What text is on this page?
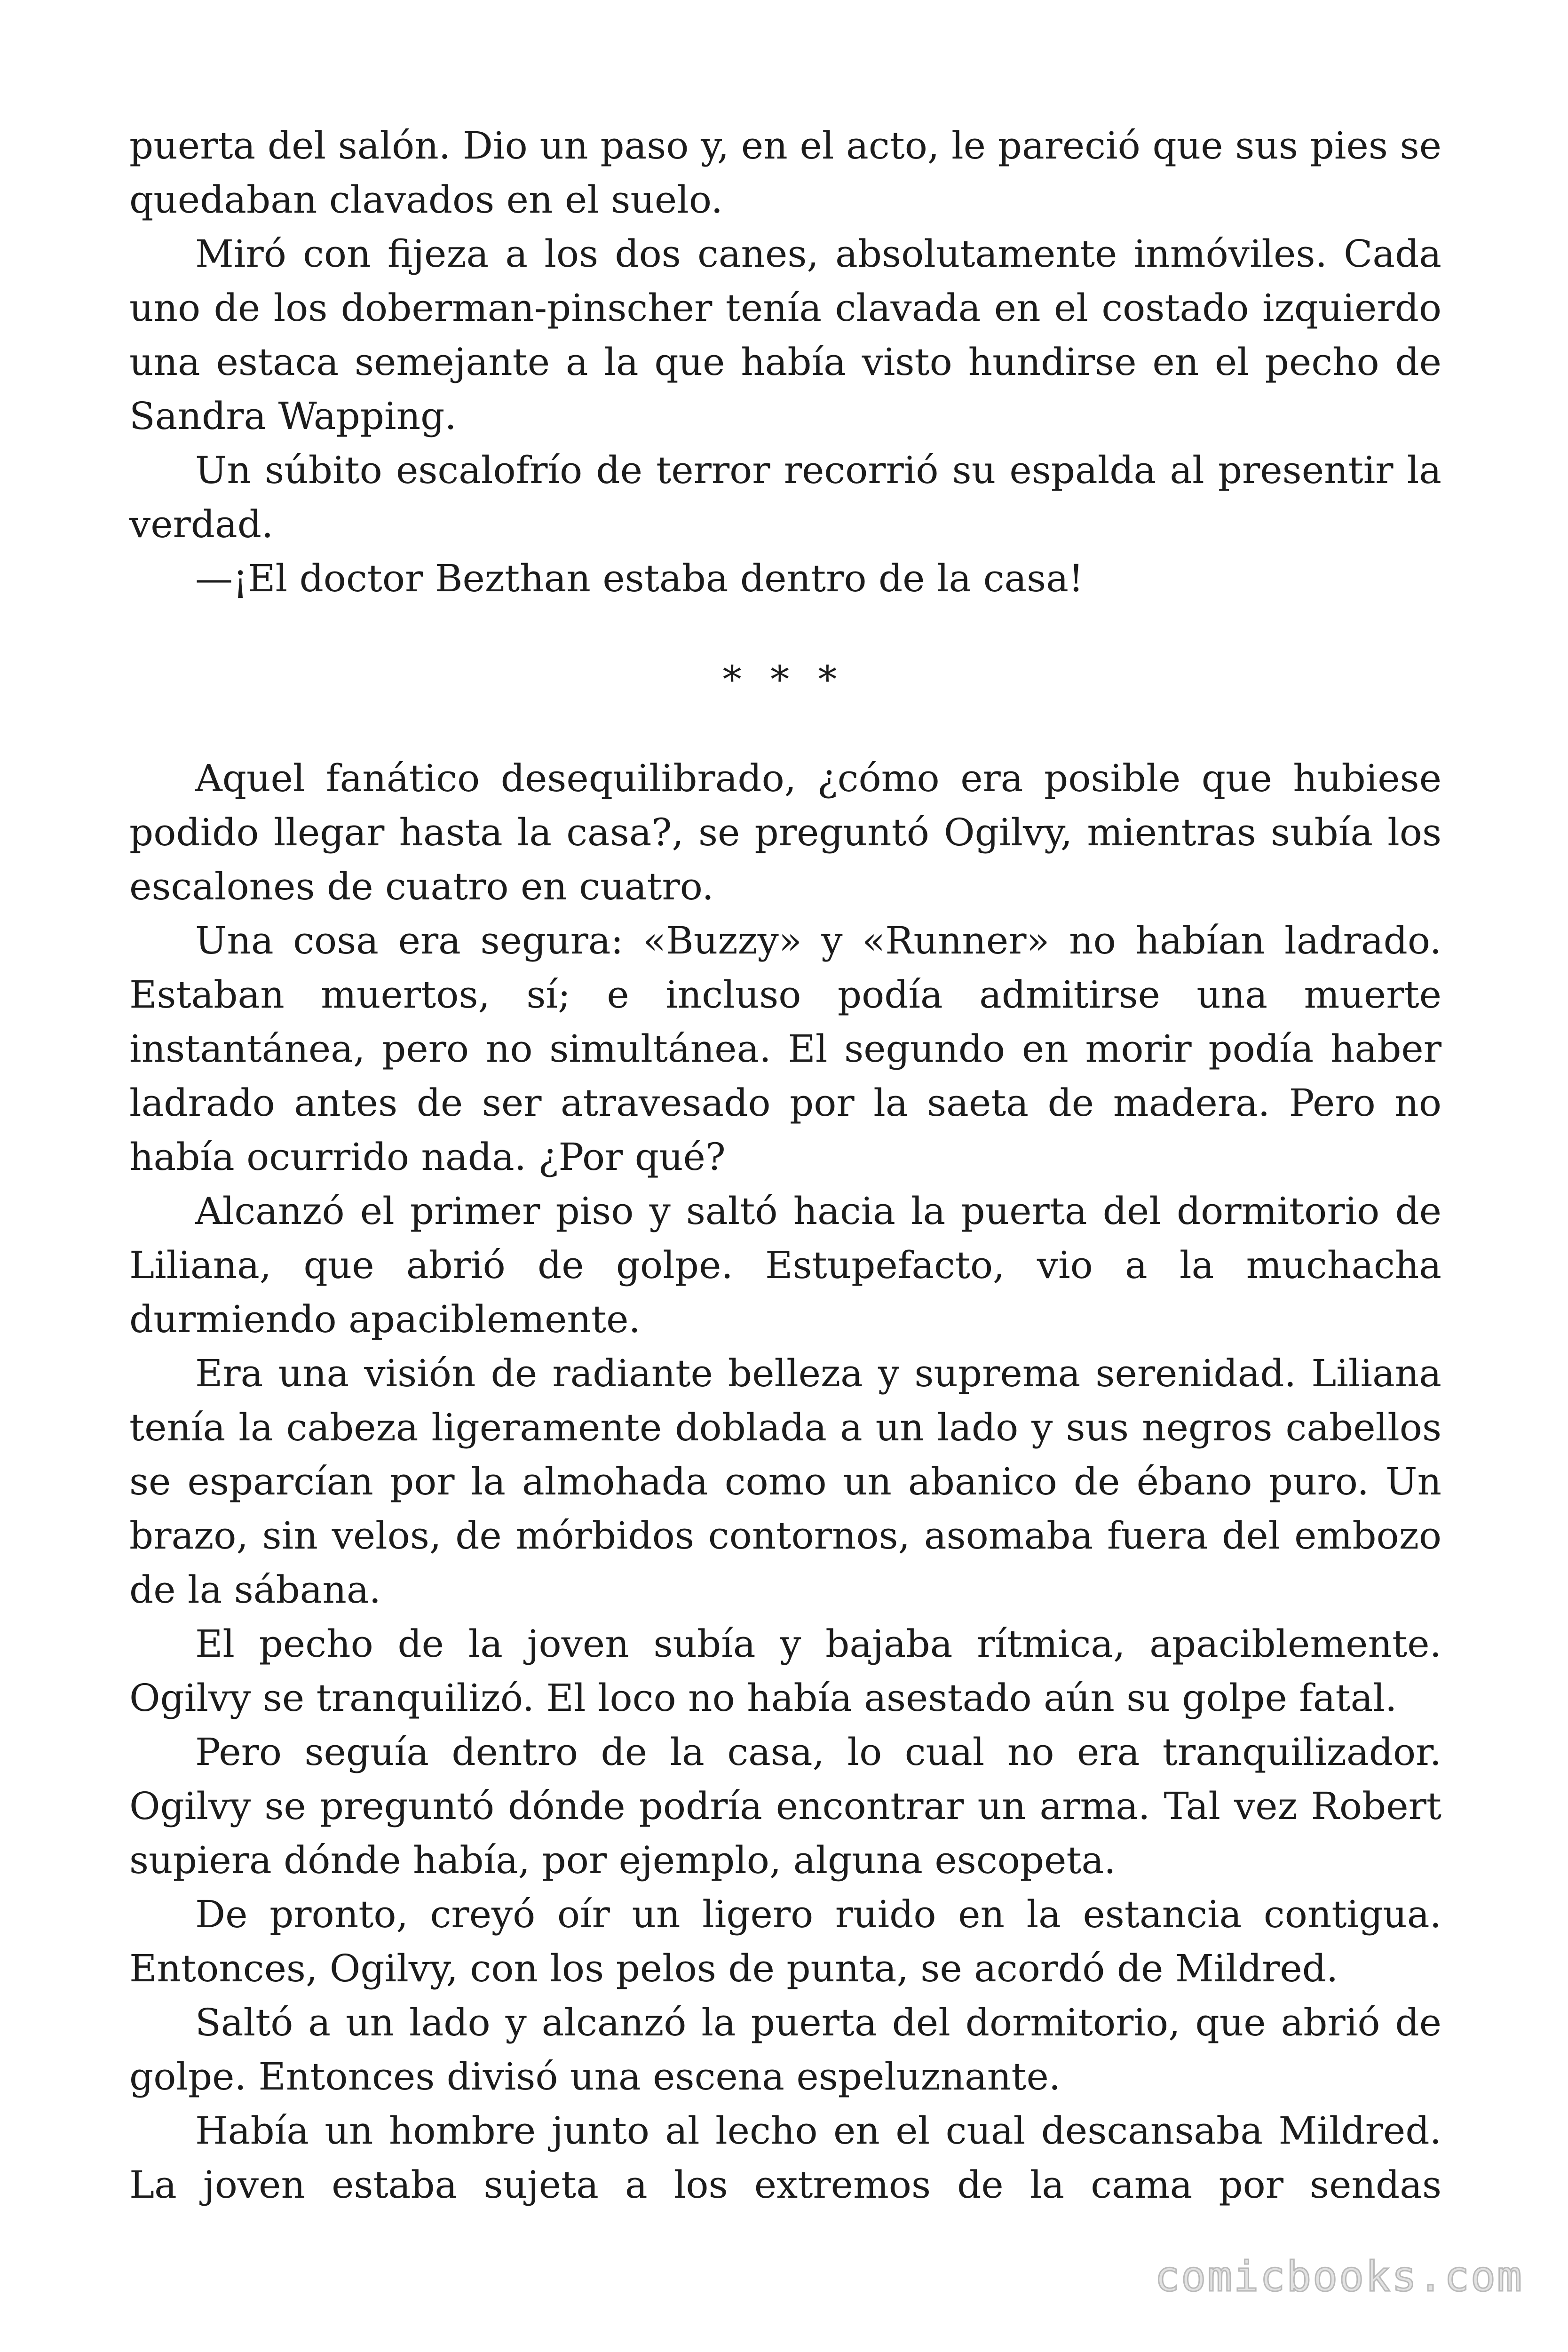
puerta del salón. Dio un paso y, en el acto, le pareció que sus pies se quedaban clavados en el suelo.

Miró con fijeza a los dos canes, absolutamente inmóviles. Cada uno de los doberman-pinscher tenía clavada en el costado izquierdo una estaca semejante a la que había visto hundirse en el pecho de Sandra Wapping.

Un súbito escalofrío de terror recorrió su espalda al presentir la verdad.

—¡El doctor Bezthan estaba dentro de la casa!

* * *

Aquel fanático desequilibrado, ¿cómo era posible que hubiese podido llegar hasta la casa?, se preguntó Ogilvy, mientras subía los escalones de cuatro en cuatro.

Una cosa era segura: «Buzzy» y «Runner» no habían ladrado. Estaban muertos, sí; e incluso podía admitirse una muerte instantánea, pero no simultánea. El segundo en morir podía haber ladrado antes de ser atravesado por la saeta de madera. Pero no había ocurrido nada. ¿Por qué?

Alcanzó el primer piso y saltó hacia la puerta del dormitorio de Liliana, que abrió de golpe. Estupefacto, vio a la muchacha durmiendo apaciblemente.

Era una visión de radiante belleza y suprema serenidad. Liliana tenía la cabeza ligeramente doblada a un lado y sus negros cabellos se esparcían por la almohada como un abanico de ébano puro. Un brazo, sin velos, de mórbidos contornos, asomaba fuera del embozo de la sábana.

El pecho de la joven subía y bajaba rítmica, apaciblemente. Ogilvy se tranquilizó. El loco no había asestado aún su golpe fatal.

Pero seguía dentro de la casa, lo cual no era tranquilizador. Ogilvy se preguntó dónde podría encontrar un arma. Tal vez Robert supiera dónde había, por ejemplo, alguna escopeta.

De pronto, creyó oír un ligero ruido en la estancia contigua. Entonces, Ogilvy, con los pelos de punta, se acordó de Mildred.

Saltó a un lado y alcanzó la puerta del dormitorio, que abrió de golpe. Entonces divisó una escena espeluznante.

Había un hombre junto al lecho en el cual descansaba Mildred. La joven estaba sujeta a los extremos de la cama por sendas

comicbooks.com
